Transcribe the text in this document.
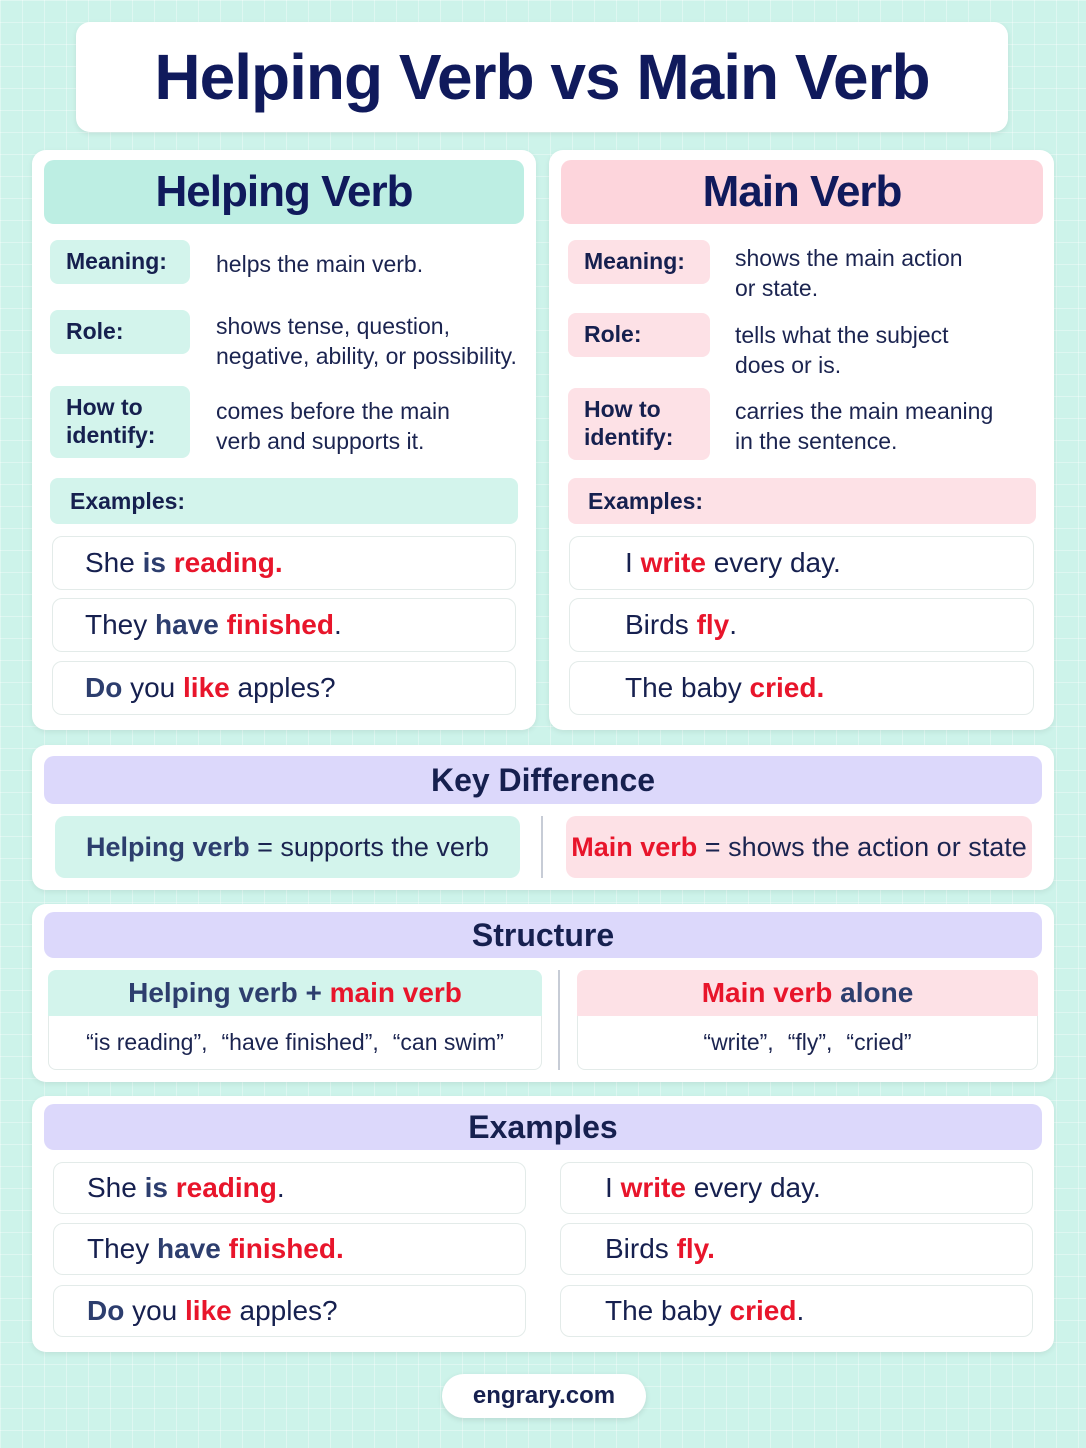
Helping Verb vs Main Verb
Helping Verb
Meaning:	helps the main verb.
Role:	shows tense, question,
negative, ability, or possibility.
How to
identify:
comes before the main
verb and supports it.
Examples:
She is reading.
They have finished.
Do you like apples?
Main Verb
Meaning:	shows the main action
or state.
Role:	tells what the subject
does or is.
How to
identify:
carries the main meaning
in the sentence.
Examples:
I write every day.
Birds fly.
The baby cried.
Key Difference
Helping verb = supports the verb	Main verb = shows the action or state
Structure
Helping verb + main verb
“is reading”, “have finished”, “can swim”
Main verb alone
“write”, “fly”, “cried”
Examples
She is reading.
They have finished.
Do you like apples?
I write every day.
Birds fly.
The baby cried.
engrary.com
